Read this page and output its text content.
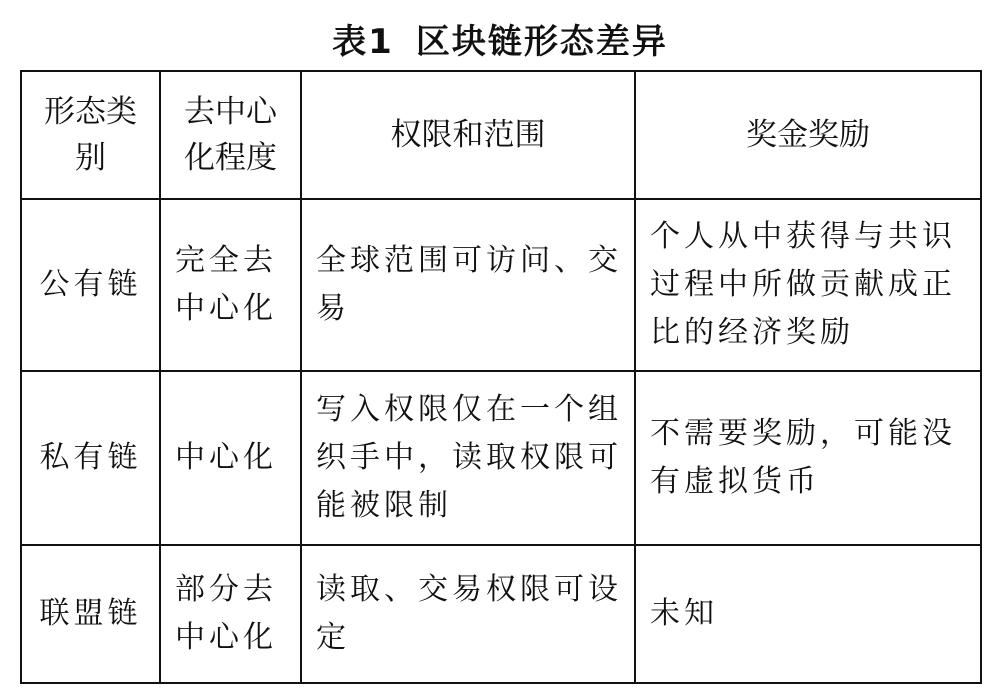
表1 区块链形态差异
形态类别	去中心化程度	权限和范围	奖金奖励
公有链	完全去中心化	全球范围可访问、交易	个人从中获得与共识过程中所做贡献成正比的经济奖励
私有链	中心化	写入权限仅在一个组织手中，读取权限可能被限制	不需要奖励，可能没有虚拟货币
联盟链	部分去中心化	读取、交易权限可设定	未知
